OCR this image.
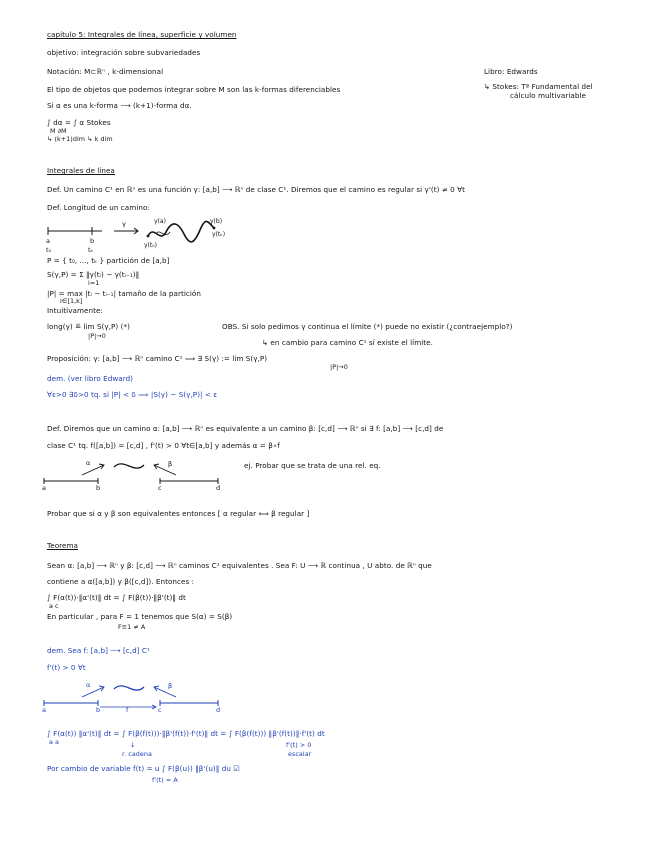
capítulo 5: Integrales de línea, superficie y volumen
objetivo: integración sobre subvariedades
Notación: M⊂ℝⁿ , k-dimensional	Libro: Edwards
↳ Stokes: Tª Fundamental del
cálculo multivariable
El tipo de objetos que podemos integrar sobre M son las k-formas diferenciables
Si α es una k-forma ⟶ (k+1)-forma dα.
∫ dα = ∫ α Stokes
M ∂M
↳ (k+1)dim ↳ k dim
Integrales de línea
Def. Un camino C¹ en ℝⁿ es una función γ: [a,b] ⟶ ℝⁿ de clase C¹. Diremos que el camino es regular si γ'(t) ≠ 0 ∀t
Def. Longitud de un camino:
a	b
t₀	tₖ
γ	γ(a)
γ(t₀)
γ(b)
γ(tₖ)
P = { t₀, ..., tₖ } partición de [a,b]
S(γ,P) = Σ ‖γ(tᵢ) − γ(tᵢ₋₁)‖
i=1
|P| = max |tᵢ − tᵢ₋₁| tamaño de la partición
i∈[1,k]
Intuitivamente:
long(γ) ≝ lim S(γ,P) (*)
|P|→0
OBS. Si solo pedimos γ continua el límite (*) puede no existir (¿contraejemplo?)
↳ en cambio para camino C¹ sí existe el límite.
Proposición: γ: [a,b] ⟶ ℝⁿ camino C¹ ⟹ ∃ S(γ) := lim S(γ,P)
|P|→0
dem. (ver libro Edward)
∀ε>0 ∃δ>0 tq. si |P| < δ ⟹ |S(γ) − S(γ,P)| < ε
Def. Diremos que un camino α: [a,b] ⟶ ℝⁿ es equivalente a un camino β: [c,d] ⟶ ℝⁿ si ∃ f: [a,b] ⟶ [c,d] de
clase C¹ tq. f([a,b]) = [c,d] , f'(t) > 0 ∀t∈[a,b] y además α = β∘f
a	b	c	d
α	β	ej. Probar que se trata de una rel. eq.
Probar que si α y β son equivalentes entonces [ α regular ⟺ β regular ]
Teorema
Sean α: [a,b] ⟶ ℝⁿ y β: [c,d] ⟶ ℝⁿ caminos C¹ equivalentes . Sea F: U ⟶ ℝ continua , U abto. de ℝⁿ que
contiene a α([a,b]) y β([c,d]). Entonces :
∫ F(α(t))·‖α'(t)‖ dt = ∫ F(β(t))·‖β'(t)‖ dt
a c
En particular , para F = 1 tenemos que S(α) = S(β)
F≡1 ≠ A
dem. Sea f: [a,b] ⟶ [c,d] C¹
f'(t) > 0 ∀t
a	b	c	d
α	β
f
∫ F(α(t)) ‖α'(t)‖ dt = ∫ F(β(f(t)))·‖β'(f(t))·f'(t)‖ dt = ∫ F(β(f(t))) ‖β'(f(t))‖·f'(t) dt
a a	↓
r. cadena
f'(t) > 0
escalar
Por cambio de variable f(t) = u ∫ F(β(u)) ‖β'(u)‖ du ☑
f'(t) = A
